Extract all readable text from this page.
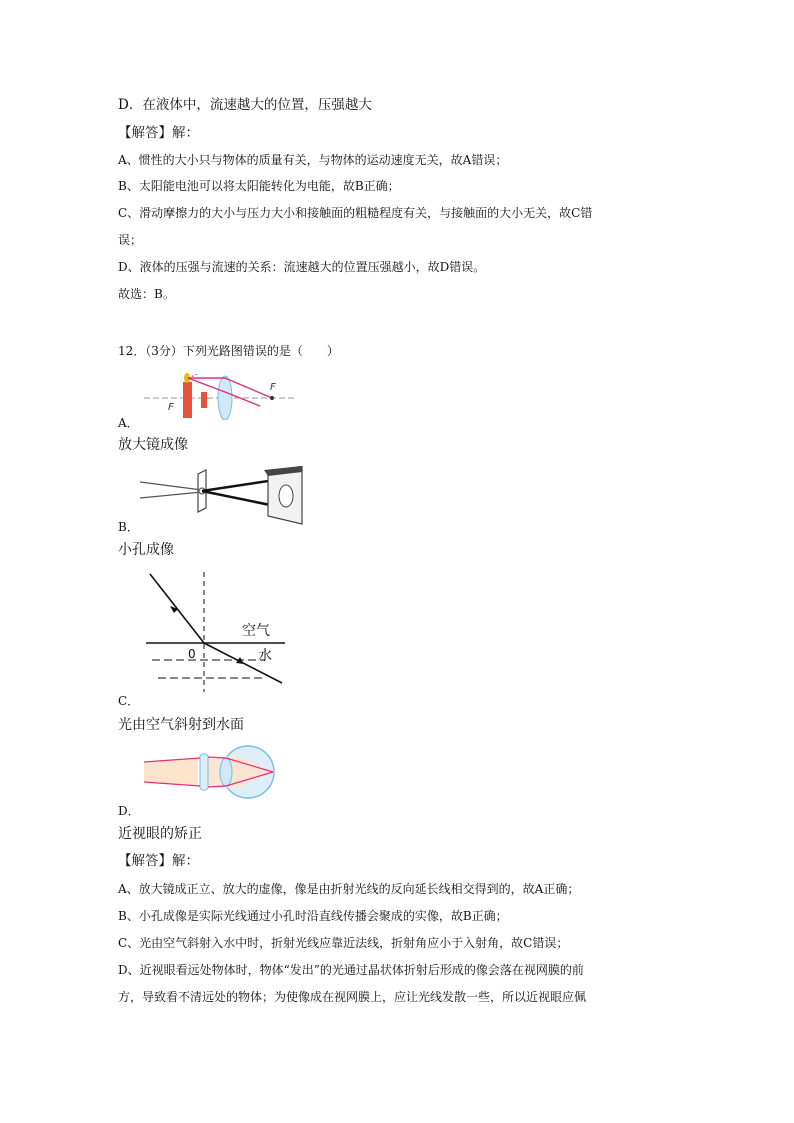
D．在液体中，流速越大的位置，压强越大
【解答】解：
A、惯性的大小只与物体的质量有关，与物体的运动速度无关，故A错误；
B、太阳能电池可以将太阳能转化为电能，故B正确；
C、滑动摩擦力的大小与压力大小和接触面的粗糙程度有关，与接触面的大小无关，故C错
误；
D、液体的压强与流速的关系：流速越大的位置压强越小，故D错误。
故选：B。
12．（3分）下列光路图错误的是（　　）
F
F
A．
放大镜成像
B．
小孔成像
空气
水
0
C．
光由空气斜射到水面
D．
近视眼的矫正
【解答】解：
A、放大镜成正立、放大的虚像，像是由折射光线的反向延长线相交得到的，故A正确；
B、小孔成像是实际光线通过小孔时沿直线传播会聚成的实像，故B正确；
C、光由空气斜射入水中时，折射光线应靠近法线，折射角应小于入射角，故C错误；
D、近视眼看远处物体时，物体“发出”的光通过晶状体折射后形成的像会落在视网膜的前
方，导致看不清远处的物体；为使像成在视网膜上，应让光线发散一些，所以近视眼应佩
